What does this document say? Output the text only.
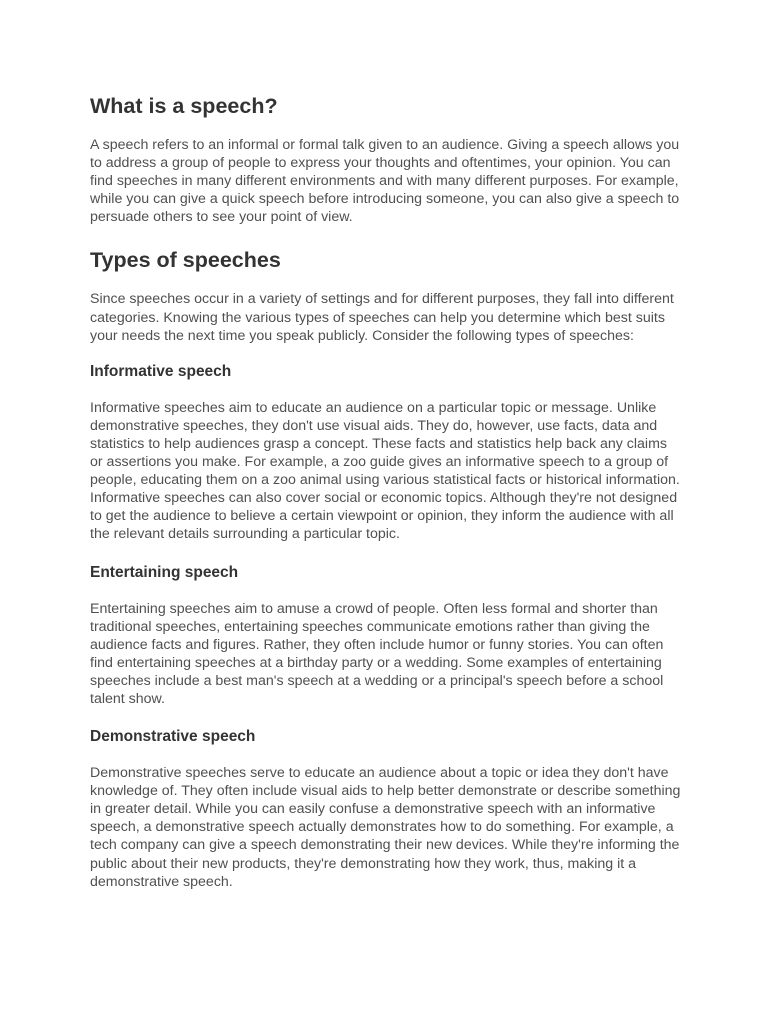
What is a speech?

A speech refers to an informal or formal talk given to an audience. Giving a speech allows you to address a group of people to express your thoughts and oftentimes, your opinion. You can find speeches in many different environments and with many different purposes. For example, while you can give a quick speech before introducing someone, you can also give a speech to persuade others to see your point of view.

Types of speeches

Since speeches occur in a variety of settings and for different purposes, they fall into different categories. Knowing the various types of speeches can help you determine which best suits your needs the next time you speak publicly. Consider the following types of speeches:

Informative speech

Informative speeches aim to educate an audience on a particular topic or message. Unlike demonstrative speeches, they don't use visual aids. They do, however, use facts, data and statistics to help audiences grasp a concept. These facts and statistics help back any claims or assertions you make. For example, a zoo guide gives an informative speech to a group of people, educating them on a zoo animal using various statistical facts or historical information. Informative speeches can also cover social or economic topics. Although they're not designed to get the audience to believe a certain viewpoint or opinion, they inform the audience with all the relevant details surrounding a particular topic.

Entertaining speech

Entertaining speeches aim to amuse a crowd of people. Often less formal and shorter than traditional speeches, entertaining speeches communicate emotions rather than giving the audience facts and figures. Rather, they often include humor or funny stories. You can often find entertaining speeches at a birthday party or a wedding. Some examples of entertaining speeches include a best man's speech at a wedding or a principal's speech before a school talent show.

Demonstrative speech

Demonstrative speeches serve to educate an audience about a topic or idea they don't have knowledge of. They often include visual aids to help better demonstrate or describe something in greater detail. While you can easily confuse a demonstrative speech with an informative speech, a demonstrative speech actually demonstrates how to do something. For example, a tech company can give a speech demonstrating their new devices. While they're informing the public about their new products, they're demonstrating how they work, thus, making it a demonstrative speech.
